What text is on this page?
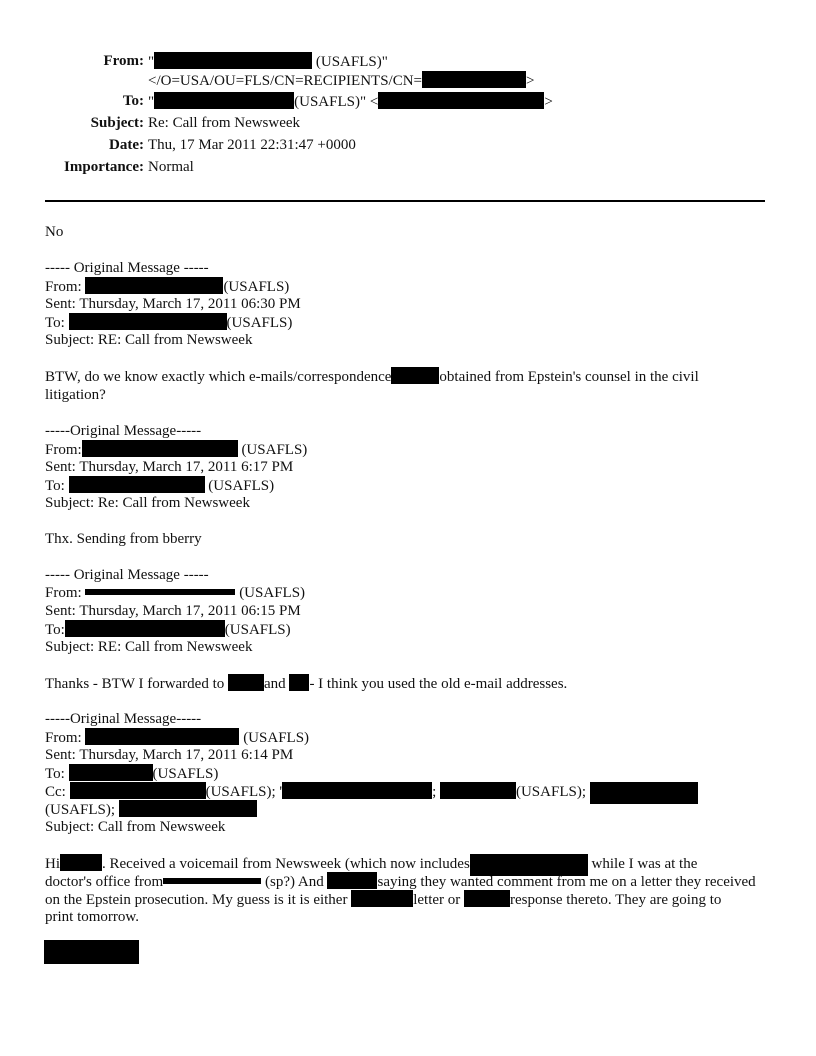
From: "	(USAFLS)"
</O=USA/OU=FLS/CN=RECIPIENTS/CN=	>
To: "	(USAFLS)" <	>
Subject: Re: Call from Newsweek
Date: Thu, 17 Mar 2011 22:31:47 +0000
Importance: Normal
No
----- Original Message -----
From:	(USAFLS)
Sent: Thursday, March 17, 2011 06:30 PM
To:	(USAFLS)
Subject: RE: Call from Newsweek
BTW, do we know exactly which e-mails/correspondence	obtained from Epstein's counsel in the civil
litigation?
-----Original Message-----
From:	(USAFLS)
Sent: Thursday, March 17, 2011 6:17 PM
To:	(USAFLS)
Subject: Re: Call from Newsweek
Thx. Sending from bberry
----- Original Message -----
From:	(USAFLS)
Sent: Thursday, March 17, 2011 06:15 PM
To:	(USAFLS)
Subject: RE: Call from Newsweek
Thanks - BTW I forwarded to and - I think you used the old e-mail addresses.
-----Original Message-----
From:	(USAFLS)
Sent: Thursday, March 17, 2011 6:14 PM
To:	(USAFLS)
Cc:	(USAFLS); '	;	(USAFLS);
(USAFLS);
Subject: Call from Newsweek
Hi	. Received a voicemail from Newsweek (which now includes	while I was at the
doctor's office from	(sp?) And	saying they wanted comment from me on a letter they received
on the Epstein prosecution. My guess is it is either	letter or	response thereto. They are going to
print tomorrow.
